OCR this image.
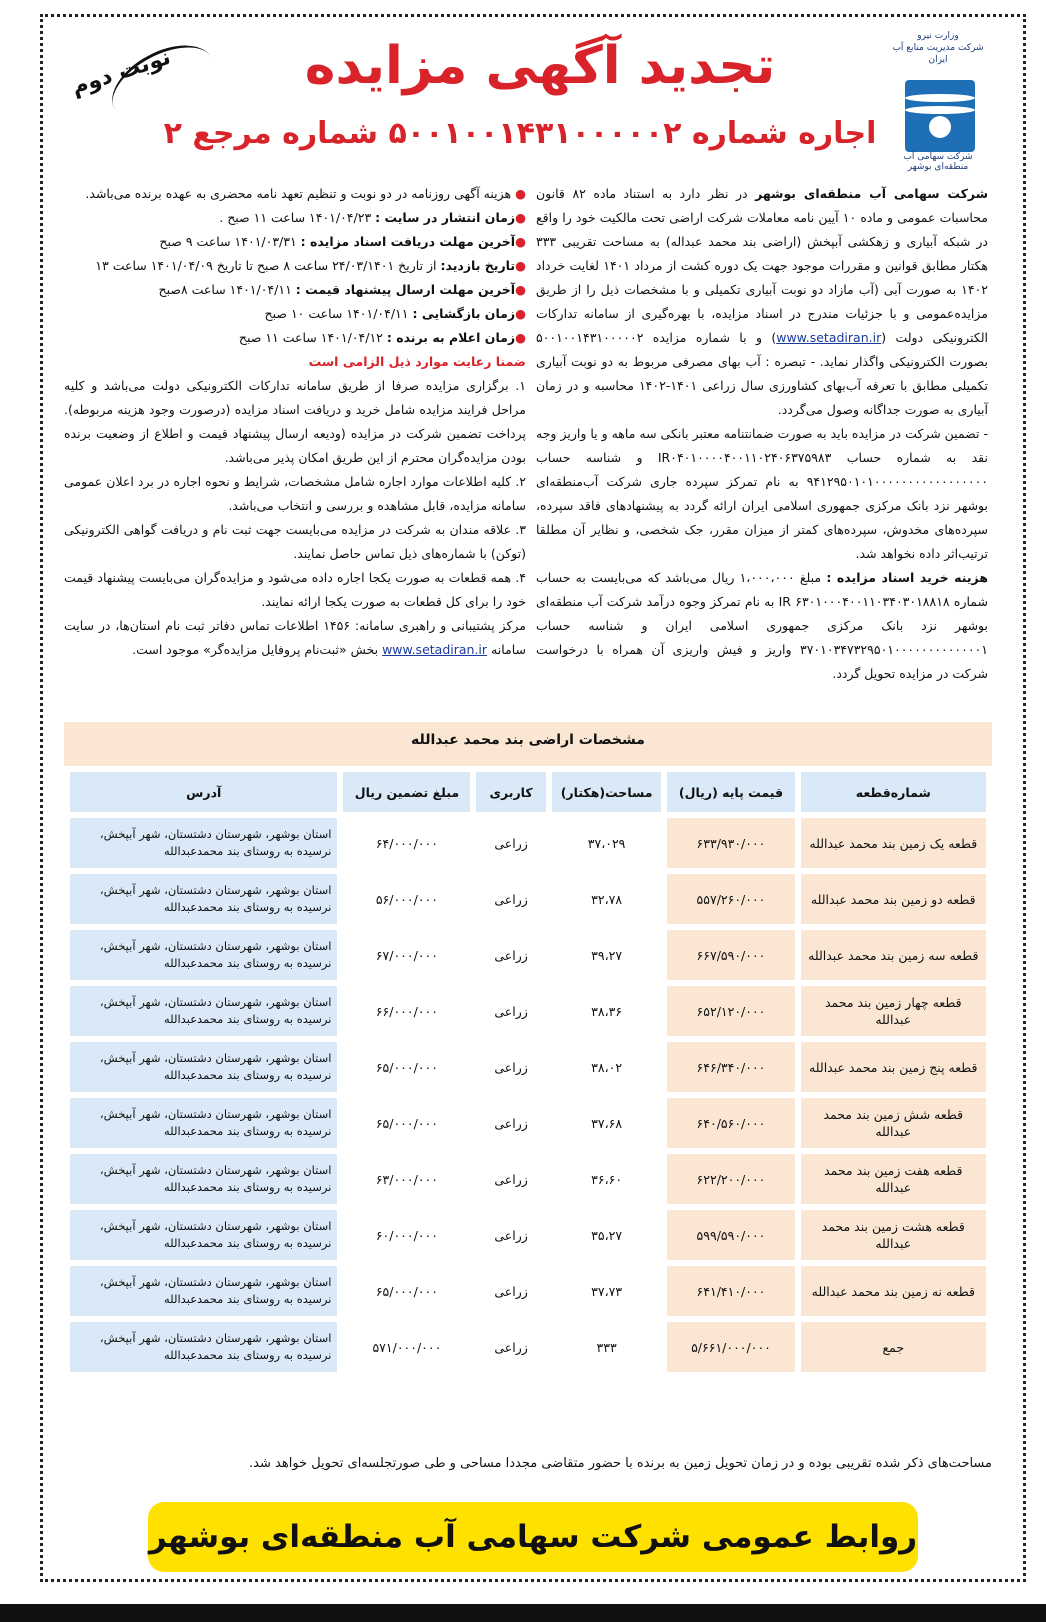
وزارت نیرو
شرکت مدیریت منابع آب ایران
شرکت سهامی آب منطقه‌ای بوشهر
تجدید آگهی مزایده
اجاره شماره ۵۰۰۱۰۰۱۴۳۱۰۰۰۰۰۲ شماره مرجع ۲
نوبت دوم

شرکت سهامی آب منطقه‌ای بوشهر در نظر دارد به استناد ماده ۸۲ قانون محاسبات عمومی و ماده ۱۰ آیین نامه معاملات شرکت اراضی تحت مالکیت خود را واقع در شبکه آبیاری و زهکشی آبپخش (اراضی بند محمد عبداله) به مساحت تقریبی ۳۳۳ هکتار مطابق قوانین و مقررات موجود جهت یک دوره کشت از مرداد ۱۴۰۱ لغایت خرداد ۱۴۰۲ به صورت آبی (آب مازاد دو نوبت آبیاری تکمیلی و با مشخصات ذیل را از طریق مزایده‌عمومی و با جزئیات مندرج در اسناد مزایده، با بهره‌گیری از سامانه تدارکات الکترونیکی دولت (www.setadiran.ir) و با شماره مزایده ۵۰۰۱۰۰۱۴۳۱۰۰۰۰۰۲ بصورت الکترونیکی واگذار نماید. - تبصره : آب بهای مصرفی مربوط به دو نوبت آبیاری تکمیلی مطابق با تعرفه آب‌بهای کشاورزی سال زراعی ۱۴۰۱-۱۴۰۲ محاسبه و در زمان آبیاری به صورت جداگانه وصول می‌گردد.

- تضمین شرکت در مزایده باید به صورت ضمانتنامه معتبر بانکی سه ماهه و یا واریز وجه نقد به شماره حساب IR۰۴۰۱۰۰۰۰۴۰۰۱۱۰۲۴۰۶۳۷۵۹۸۳ و شناسه حساب ۹۴۱۲۹۵۰۱۰۱۰۰۰۰۰۰۰۰۰۰۰۰۰۰۰۰۰ به نام تمرکز سپرده جاری شرکت آب‌منطقه‌ای بوشهر نزد بانک مرکزی جمهوری اسلامی ایران ارائه گردد به پیشنهادهای فاقد سپرده، سپرده‌های مخدوش، سپرده‌های کمتر از میزان مقرر، جک شخصی، و نظایر آن مطلقا ترتیب‌اثر داده نخواهد شد.

هزینه خرید اسناد مزایده : مبلغ ۱،۰۰۰،۰۰۰ ریال می‌باشد که می‌بایست به حساب شماره IR ۶۳۰۱۰۰۰۴۰۰۱۱۰۳۴۰۳۰۱۸۸۱۸ به نام تمرکز وجوه درآمد شرکت آب منطقه‌ای بوشهر نزد بانک مرکزی جمهوری اسلامی ایران و شناسه حساب ۳۷۰۱۰۳۴۷۳۲۹۵۰۱۰۰۰۰۰۰۰۰۰۰۰۰۰۱ واریز و فیش واریزی آن همراه با درخواست شرکت در مزایده تحویل گردد.

● هزینه آگهی روزنامه در دو نوبت و تنظیم تعهد نامه محضری به عهده برنده می‌باشد.

●زمان انتشار در سایت : ۱۴۰۱/۰۴/۲۳ ساعت ۱۱ صبح .

●آخرین مهلت دریافت اسناد مزایده : ۱۴۰۱/۰۳/۳۱ ساعت ۹ صبح

●تاریخ بازدید: از تاریخ ۲۴/۰۳/۱۴۰۱ ساعت ۸ صبح تا تاریخ ۱۴۰۱/۰۴/۰۹ ساعت ۱۳

●آخرین مهلت ارسال پیشنهاد قیمت : ۱۴۰۱/۰۴/۱۱ ساعت ۸صبح

●زمان بازگشایی : ۱۴۰۱/۰۴/۱۱ ساعت ۱۰ صبح

●زمان اعلام به برنده : ۱۴۰۱/۰۴/۱۲ ساعت ۱۱ صبح

ضمنا رعایت موارد ذیل الزامی است

۱. برگزاری مزایده صرفا از طریق سامانه تدارکات الکترونیکی دولت می‌باشد و کلیه مراحل فرایند مزایده شامل خرید و دریافت اسناد مزایده (درصورت وجود هزینه مربوطه). پرداخت تضمین شرکت در مزایده (ودیعه ارسال پیشنهاد قیمت و اطلاع از وضعیت برنده بودن مزایده‌گران محترم از این طریق امکان پذیر می‌باشد.

۲. کلیه اطلاعات موارد اجاره شامل مشخصات، شرایط و نحوه اجاره در برد اعلان عمومی سامانه مزایده، قابل مشاهده و بررسی و انتخاب می‌باشد.

۳. علاقه مندان به شرکت در مزایده می‌بایست جهت ثبت نام و دریافت گواهی الکترونیکی (توکن) با شماره‌های ذیل تماس حاصل نمایند.

۴. همه قطعات به صورت یکجا اجاره داده می‌شود و مزایده‌گران می‌بایست پیشنهاد قیمت خود را برای کل قطعات به صورت یکجا ارائه نمایند.

مرکز پشتیبانی و راهبری سامانه: ۱۴۵۶ اطلاعات تماس دفاتر ثبت نام استان‌ها، در سایت سامانه www.setadiran.ir بخش «ثبت‌نام پروفایل مزایده‌گر» موجود است.

مشخصات اراضی بند محمد عبدالله
شماره‌قطعه	قیمت پایه (ریال)	مساحت(هکتار)	کاربری	مبلغ تضمین ریال	آدرس
قطعه یک زمین بند محمد عبدالله	۶۳۳/۹۳۰/۰۰۰	۳۷،۰۲۹	زراعی	۶۴/۰۰۰/۰۰۰	استان بوشهر، شهرستان دشتستان، شهر آبپخش، نرسیده به روستای بند محمدعبدالله
قطعه دو زمین بند محمد عبدالله	۵۵۷/۲۶۰/۰۰۰	۳۲،۷۸	زراعی	۵۶/۰۰۰/۰۰۰	استان بوشهر، شهرستان دشتستان، شهر آبپخش، نرسیده به روستای بند محمدعبدالله
قطعه سه زمین بند محمد عبدالله	۶۶۷/۵۹۰/۰۰۰	۳۹،۲۷	زراعی	۶۷/۰۰۰/۰۰۰	استان بوشهر، شهرستان دشتستان، شهر آبپخش، نرسیده به روستای بند محمدعبدالله
قطعه چهار زمین بند محمد عبدالله	۶۵۲/۱۲۰/۰۰۰	۳۸،۳۶	زراعی	۶۶/۰۰۰/۰۰۰	استان بوشهر، شهرستان دشتستان، شهر آبپخش، نرسیده به روستای بند محمدعبدالله
قطعه پنج زمین بند محمد عبدالله	۶۴۶/۳۴۰/۰۰۰	۳۸،۰۲	زراعی	۶۵/۰۰۰/۰۰۰	استان بوشهر، شهرستان دشتستان، شهر آبپخش، نرسیده به روستای بند محمدعبدالله
قطعه شش زمین بند محمد عبدالله	۶۴۰/۵۶۰/۰۰۰	۳۷،۶۸	زراعی	۶۵/۰۰۰/۰۰۰	استان بوشهر، شهرستان دشتستان، شهر آبپخش، نرسیده به روستای بند محمدعبدالله
قطعه هفت زمین بند محمد عبدالله	۶۲۲/۲۰۰/۰۰۰	۳۶،۶۰	زراعی	۶۳/۰۰۰/۰۰۰	استان بوشهر، شهرستان دشتستان، شهر آبپخش، نرسیده به روستای بند محمدعبدالله
قطعه هشت زمین بند محمد عبدالله	۵۹۹/۵۹۰/۰۰۰	۳۵،۲۷	زراعی	۶۰/۰۰۰/۰۰۰	استان بوشهر، شهرستان دشتستان، شهر آبپخش، نرسیده به روستای بند محمدعبدالله
قطعه نه زمین بند محمد عبدالله	۶۴۱/۴۱۰/۰۰۰	۳۷،۷۳	زراعی	۶۵/۰۰۰/۰۰۰	استان بوشهر، شهرستان دشتستان، شهر آبپخش، نرسیده به روستای بند محمدعبدالله
جمع	۵/۶۶۱/۰۰۰/۰۰۰	۳۳۳	زراعی	۵۷۱/۰۰۰/۰۰۰	استان بوشهر، شهرستان دشتستان، شهر آبپخش، نرسیده به روستای بند محمدعبدالله
مساحت‌های ذکر شده تقریبی بوده و در زمان تحویل زمین به برنده با حضور متقاضی مجددا مساحی و طی صورتجلسه‌ای تحویل خواهد شد.
روابط عمومی شرکت سهامی آب منطقه‌ای بوشهر
